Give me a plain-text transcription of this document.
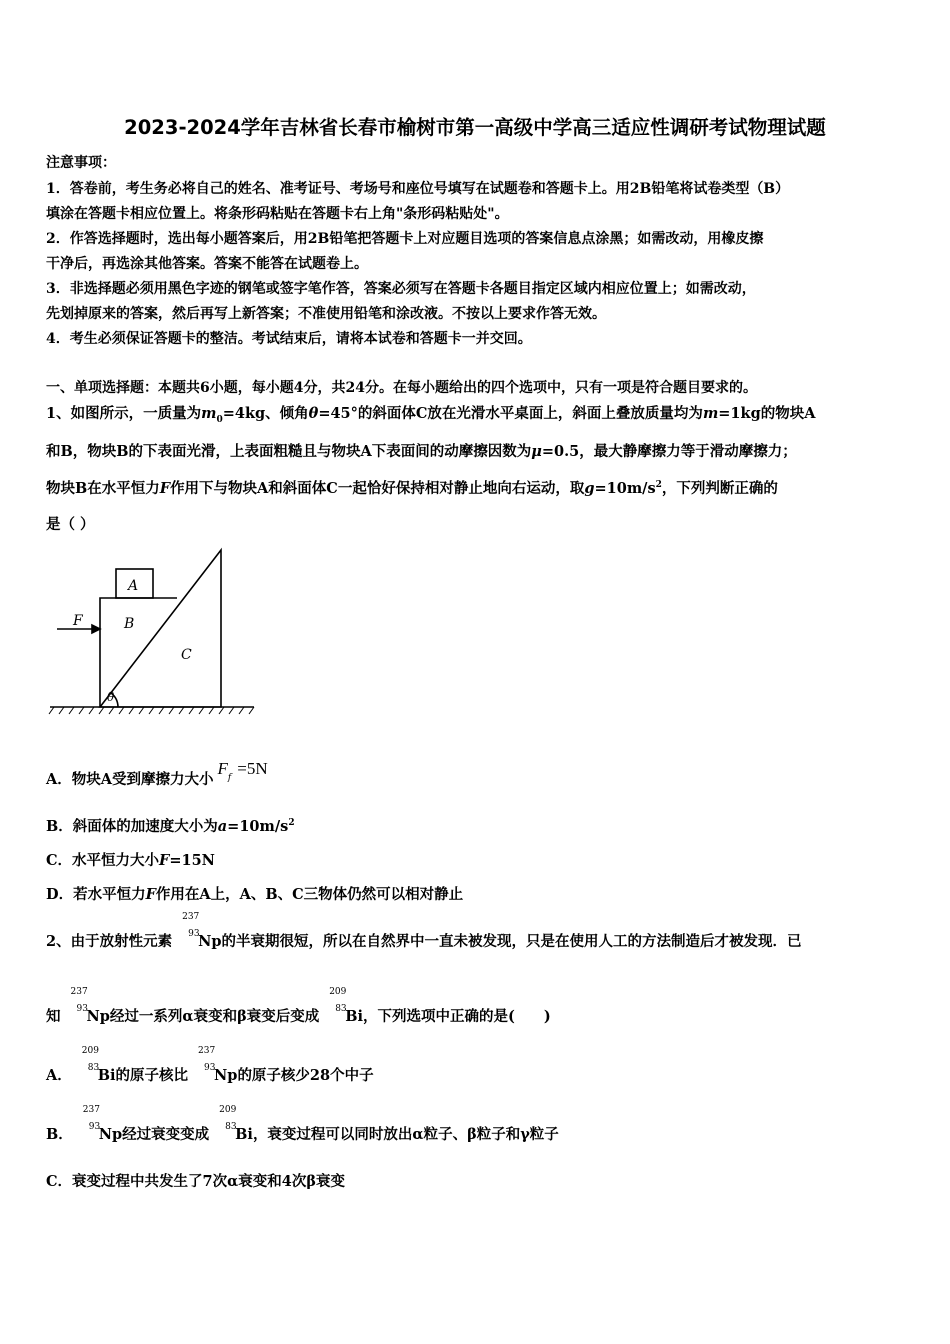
2023-2024学年吉林省长春市榆树市第一高级中学高三适应性调研考试物理试题
注意事项：
1．答卷前，考生务必将自己的姓名、准考证号、考场号和座位号填写在试题卷和答题卡上。用2B铅笔将试卷类型（B）
填涂在答题卡相应位置上。将条形码粘贴在答题卡右上角"条形码粘贴处"。
2．作答选择题时，选出每小题答案后，用2B铅笔把答题卡上对应题目选项的答案信息点涂黑；如需改动，用橡皮擦
干净后，再选涂其他答案。答案不能答在试题卷上。
3．非选择题必须用黑色字迹的钢笔或签字笔作答，答案必须写在答题卡各题目指定区域内相应位置上；如需改动，
先划掉原来的答案，然后再写上新答案；不准使用铅笔和涂改液。不按以上要求作答无效。
4．考生必须保证答题卡的整洁。考试结束后，请将本试卷和答题卡一并交回。
一、单项选择题：本题共6小题，每小题4分，共24分。在每小题给出的四个选项中，只有一项是符合题目要求的。
1、如图所示，一质量为$m_0=4kg$、倾角θ=45°的斜面体C放在光滑水平桌面上，斜面上叠放质量均为m=1kg的物块A
和B，物块B的下表面光滑，上表面粗糙且与物块A下表面间的动摩擦因数为μ=0.5，最大静摩擦力等于滑动摩擦力；
物块B在水平恒力F作用下与物块A和斜面体C一起恰好保持相对静止地向右运动，取$g=10m/s^2$，下列判断正确的
是（ ）
A
B
C
F
θ
A．物块A受到摩擦力大小$F_f =5N$
B．斜面体的加速度大小为$a=10m/s^2$
C．水平恒力大小F=15N
D．若水平恒力F作用在A上，A、B、C三物体仍然可以相对静止
2、由于放射性元素
237
93
Np的半衰期很短，所以在自然界中一直未被发现，只是在使用人工的方法制造后才被发现．已
知
237
93
Np经过一系列α衰变和β衰变后变成
209
83
Bi，下列选项中正确的是(　　)
A．
209
83
Bi的原子核比
237
93
Np的原子核少28个中子
B．
237
93
Np经过衰变变成
209
83
Bi，衰变过程可以同时放出α粒子、β粒子和γ粒子
C．衰变过程中共发生了7次α衰变和4次β衰变
